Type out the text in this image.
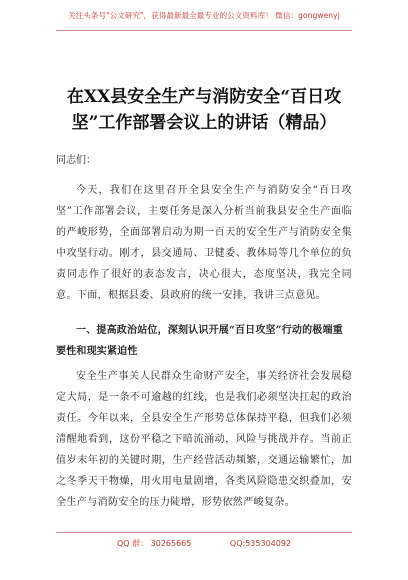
关注头条号"公文研究"，获得最新最全最专业的公文资料库！ 微信：gongwenyj
在XX县安全生产与消防安全“百日攻坚”工作部署会议上的讲话（精品）
同志们：

今天，我们在这里召开全县安全生产与消防安全“百日攻坚”工作部署会议，主要任务是深入分析当前我县安全生产面临的严峻形势，全面部署启动为期一百天的安全生产与消防安全集中攻坚行动。刚才，县交通局、卫健委、教体局等几个单位的负责同志作了很好的表态发言，决心很大，态度坚决，我完全同意。下面，根据县委、县政府的统一安排，我讲三点意见。

一、提高政治站位，深刻认识开展“百日攻坚”行动的极端重要性和现实紧迫性

安全生产事关人民群众生命财产安全，事关经济社会发展稳定大局，是一条不可逾越的红线，也是我们必须坚决扛起的政治责任。今年以来，全县安全生产形势总体保持平稳，但我们必须清醒地看到，这份平稳之下暗流涌动，风险与挑战并存。当前正值岁末年初的关键时期，生产经营活动频繁，交通运输繁忙，加之冬季天干物燥，用火用电量剧增，各类风险隐患交织叠加，安全生产与消防安全的压力陡增，形势依然严峻复杂。

QQ 群： 30265665	QQ:535304092
